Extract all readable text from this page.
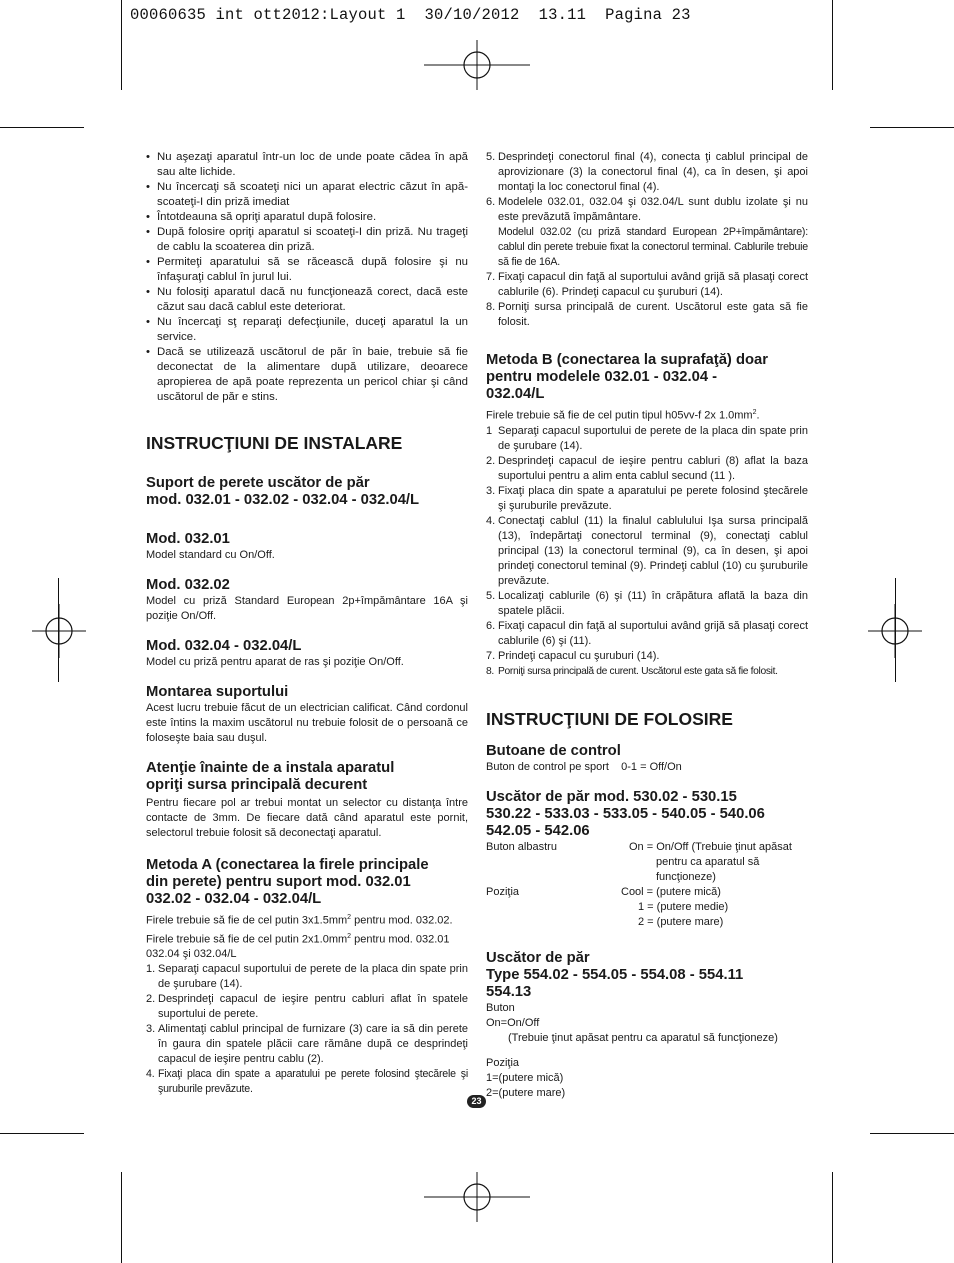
00060635 int ott2012:Layout 1  30/10/2012  13.11  Pagina 23

• Nu aşezaţi aparatul într-un loc de unde poate cădea în apă sau alte lichide.

• Nu încercaţi să scoateţi nici un aparat electric căzut în apă-scoateţi-I din priză imediat

• Întotdeauna să opriţi aparatul după folosire.

• După folosire opriţi aparatul si scoateţi-I din priză. Nu trageţi de cablu la scoaterea din priză.

• Permiteţi aparatului să se răcească după folosire şi nu înfaşuraţi cablul în jurul lui.

• Nu folosiţi aparatul dacă nu funcţionează corect, dacă este căzut sau dacă cablul este deteriorat.

• Nu încercaţi sţ reparaţi defecţiunile, duceţi aparatul la un service.

• Dacă se utilizează uscătorul de păr în baie, trebuie să fie deconectat de la alimentare după utilizare, deoarece apropierea de apă poate reprezenta un pericol chiar şi când uscătorul de păr e stins.

INSTRUCŢIUNI DE INSTALARE
Suport de perete uscător de păr
mod. 032.01 - 032.02 - 032.04 - 032.04/L
Mod. 032.01

Model standard cu On/Off.

Mod. 032.02

Model cu priză Standard European 2p+împământare 16A şi poziţie On/Off.

Mod. 032.04 - 032.04/L

Model cu priză pentru aparat de ras şi poziţie On/Off.

Montarea suportului

Acest lucru trebuie făcut de un electrician calificat. Când cordonul este întins la maxim uscătorul nu trebuie folosit de o persoană ce foloseşte baia sau duşul.

Atenţie înainte de a instala aparatul
opriţi sursa principală decurent

Pentru fiecare pol ar trebui montat un selector cu distanţa între contacte de 3mm. De fiecare dată când aparatul este pornit, selectorul trebuie folosit să deconectaţi aparatul.

Metoda A (conectarea la firele principale
din perete) pentru suport mod. 032.01
032.02 - 032.04 - 032.04/L

Firele trebuie să fie de cel putin $3x1.5mm^2$ pentru mod. 032.02.

Firele trebuie să fie de cel putin $2x1.0mm^2$ pentru mod. 032.01

032.04 şi 032.04/L

1. Separaţi capacul suportului de perete de la placa din spate prin de şurubare (14).

2. Desprindeţi capacul de ieşire pentru cabluri aflat în spatele suportului de perete.

3. Alimentaţi cablul principal de furnizare (3) care ia să din perete în gaura din spatele plăcii care rămâne după ce desprindeţi capacul de ieşire pentru cablu (2).

4. Fixaţi placa din spate a aparatului pe perete folosind ştecărele şi şuruburile prevăzute.

5. Desprindeţi conectorul final (4), conecta ţi cablul principal de aprovizionare (3) la conectorul final (4), ca în desen, şi apoi montaţi la loc conectorul final (4).

6. Modelele 032.01, 032.04 şi 032.04/L sunt dublu izolate şi nu este prevăzută împământare.

Modelul 032.02 (cu priză standard European 2P+împământare): cablul din perete trebuie fixat la conectorul terminal. Cablurile trebuie să fie de 16A.

7. Fixaţi capacul din faţă al suportului având grijă să plasaţi corect cablurile (6). Prindeţi capacul cu şuruburi (14).

8. Porniţi sursa principală de curent. Uscătorul este gata să fie folosit.

Metoda B (conectarea la suprafaţă) doar
pentru modelele 032.01 - 032.04 -
032.04/L

Firele trebuie să fie de cel putin tipul h05vv-f 2x $1.0mm^2$.

1 Separaţi capacul suportului de perete de la placa din spate prin de şurubare (14).

2. Desprindeţi capacul de ieşire pentru cabluri (8) aflat la baza suportului pentru a alim enta cablul secund (11 ).

3. Fixaţi placa din spate a aparatului pe perete folosind ştecărele şi şuruburile prevăzute.

4. Conectaţi cablul (11) la finalul cablulului Işa sursa principală (13), îndepărtaţi conectorul terminal (9), conectaţi cablul principal (13) la conectorul terminal (9), ca în desen, şi apoi prindeţi conectorul teminal (9). Prindeţi cablul (10) cu şuruburile prevăzute.

5. Localizaţi cablurile (6) şi (11) în crăpătura aflată la baza din spatele plăcii.

6. Fixaţi capacul din faţă al suportului având grijă să plasaţi corect cablurile (6) şi (11).

7. Prindeţi capacul cu şuruburi (14).

8. Porniţi sursa principală de curent. Uscătorul este gata să fie folosit.

INSTRUCŢIUNI DE FOLOSIRE
Butoane de control

Buton de control pe sport 0-1 = Off/On

Uscător de păr mod. 530.02 - 530.15
530.22 - 533.03 - 533.05 - 540.05 - 540.06
542.05 - 542.06
Buton albastru	On = On/Off (Trebuie ţinut apăsat
pentru ca aparatul să
funcţioneze)
Poziţia	Cool = (putere mică)
1 = (putere medie)
2 = (putere mare)
Uscător de păr
Type 554.02 - 554.05 - 554.08 - 554.11
554.13

Buton

On=On/Off

(Trebuie ţinut apăsat pentru ca aparatul să funcţioneze)

Poziţia

1=(putere mică)

2=(putere mare)

23
